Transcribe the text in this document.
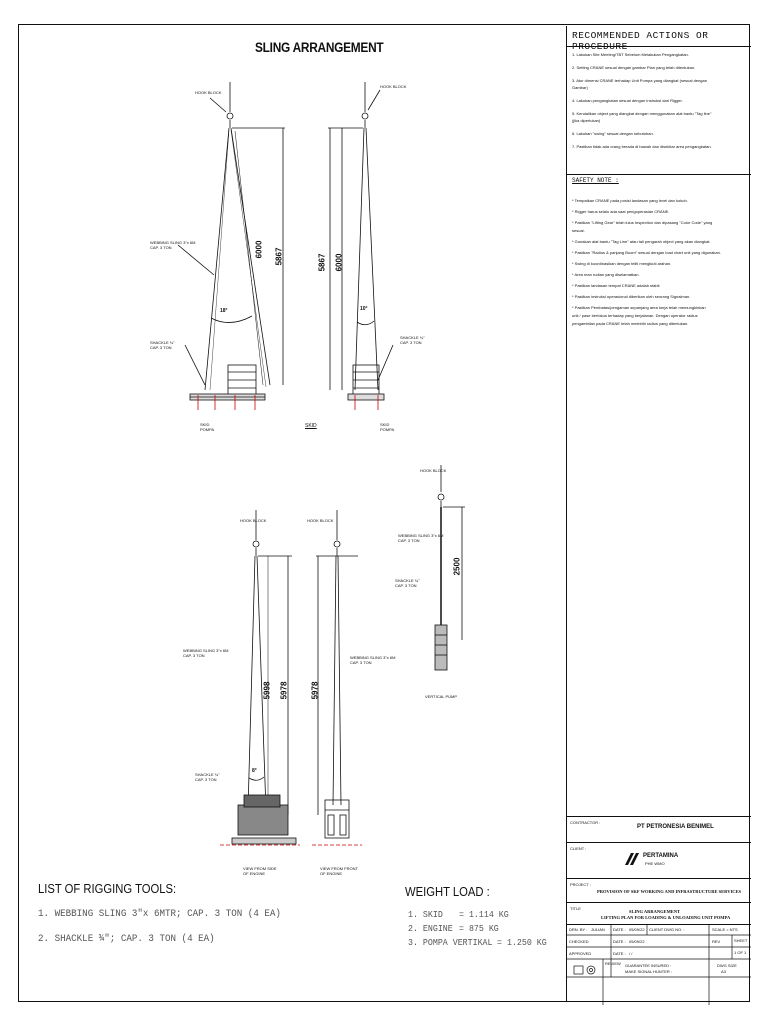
SLING ARRANGEMENT
HOOK BLOCK
HOOK BLOCK
WEBBING SLING 3"x 6M
CAP. 3 TON
SHACKLE ¾"
CAP. 3 TON
SHACKLE ¾"
CAP. 3 TON
SKID
POMPA
SKID
POMPA
SKID
18°	10°
8°
6000 5867	5867 6000
2500
5998 5978	5978
HOOK BLOCK
WEBBING SLING 3"x 6M
CAP. 3 TON
SHACKLE ¾"
CAP. 3 TON
VERTICAL PUMP
HOOK BLOCK	HOOK BLOCK
WEBBING SLING 3"x 6M
CAP. 3 TON	WEBBING SLING 3"x 6M
CAP. 3 TON
SHACKLE ¾"
CAP. 3 TON
VIEW FROM SIDE
OF ENGINE
VIEW FROM FRONT
OF ENGINE
LIST OF RIGGING TOOLS:
1. WEBBING SLING 3"x 6MTR; CAP. 3 TON (4 EA)
2. SHACKLE ¾"; CAP. 3 TON (4 EA)
WEIGHT LOAD :
1. SKID = 1.114 KG
2. ENGINE = 875 KG
3. POMPA VERTIKAL = 1.250 KG
RECOMMENDED ACTIONS OR PROCEDURE
1. Lakukan Site Meeting/TBT Sebelum Melakukan Pengangkatan.
2. Setting CRANE sesuai dengan gambar Plan yang telah ditentukan.
3. Atur dimensi CRANE terhadap Unit Pompa yang diangkat (sesuai dengan
Gambar)
4. Lakukan pengangkatan sesuai dengan Instruksi dari Rigger.
5. Kendalikan object yang diangkat dengan menggunakan alat bantu "Tag line"
(jika diperlukan)
6. Lakukan "swing" sesuai dengan kebutuhan.
7. Pastikan tidak ada orang berada di bawah dan disekitar area pengangkatan.
SAFETY NOTE :
* Tempatkan CRANE pada posisi landasan yang level dan kokoh.
* Rigger harus selalu ada saat pengoperasian CRANE.
* Pastikan "Lifting Gear" telah lulus Inspection dan dipasang "Color Code" yang
sesuai.
* Gunakan alat bantu "Tag Line" atau tali pengarah object yang akan diangkat.
* Pastikan "Radius & panjang Boom" sesuai dengan load chart unit yang digunakan.
* Swing di koordinasikan dengan teliti mengikuti arahan.
* Area man rudian yang diselamatkan.
* Pastikan landasan tempat CRANE adalah stabil.
* Pastikan instruksi operasional diberikan oleh seorang Signalman.
* Pastikan Pembatas/pengaman sepanjang area kerja telah memungkinkan
unit / pase berfokus terhadap yang berjalanan. Dengan operator radius
pengambilan pada CRANE telah melebihi radius yang ditentukan.
CONTRACTOR :
PT PETRONESIA BENIMEL
CLIENT :
PERTAMINA
PHE WMO
PROJECT :
PROVISION OF SKF WORKING AND INFRASTRUCTURE SERVICES
TITLE
SLING ARRANGEMENT
LIFTING PLAN FOR LOADING & UNLOADING UNIT POMPA
DRN. BY : JULIAN DATE : 05/09/22 CLIENT DWG NO. :	SCALE = NTS
CHECKED	DATE : 05/09/22	REV	SHEET
1 OF 1
APPROVED	DATE : / /
REVIEW GUARANTEE INSURED :
MAKE SIGNAL HUNTER :
DWG SIZE
A3
